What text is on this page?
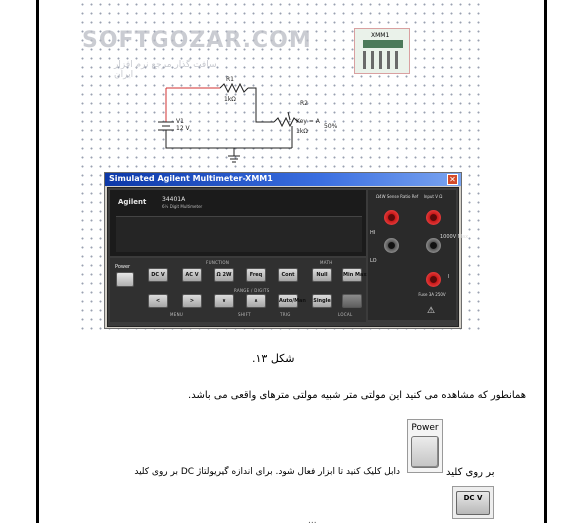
SOFTGOZAR.COM
سافت گذار مرجع نرم افزار ایران
XMM1
R1
1kΩ
V1
12 V
R2
Key = A
50%
1kΩ
Simulated Agilent Multimeter-XMM1	✕
Agilent	34401A
6½ Digit Multimeter
Power
FUNCTION	MATH
DC V	AC V	Ω 2W	Freq	Cont	Null	Min Max
RANGE / DIGITS
<	>	∨	∧	Auto/Man Single
MENU	SHIFT	TRIG	LOCAL
Ω4W Sense Ratio Ref	Input V Ω
HI
1000V Max
LO
I
Fuse 3A 250V
⚠
شکل ۱۳.
همانطور که مشاهده می کنید این مولتی متر شبیه مولتی مترهای واقعی می باشد.
بر روی کلید
Power
دابل کلیک کنید تا ابزار فعال شود. برای اندازه گیریولتاژ DC بر روی کلید
DC V
...
